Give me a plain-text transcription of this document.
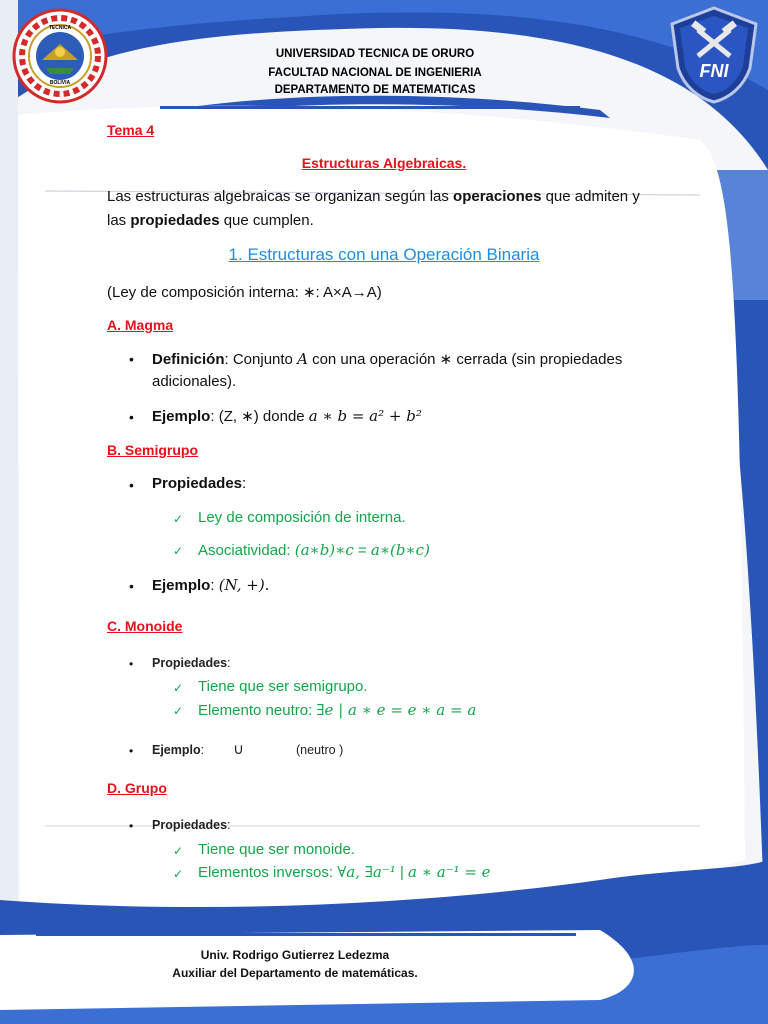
TECNICA
BOLIVIA
FNI
UNIVERSIDAD TECNICA DE ORURO
FACULTAD NACIONAL DE INGENIERIA
DEPARTAMENTO DE MATEMATICAS
Tema 4
Estructuras Algebraicas.
Las estructuras algebraicas se organizan según las operaciones que admiten y
las propiedades que cumplen.
1. Estructuras con una Operación Binaria
(Ley de composición interna: ∗: A×A→A)
A. Magma
• Definición: Conjunto A con una operación ∗ cerrada (sin propiedades
adicionales).
• Ejemplo: (Z, ∗) donde a ∗ b = a² + b²
B. Semigrupo
• Propiedades:
✓ Ley de composición de interna.
✓ Asociatividad: (a∗b)∗c = a∗(b∗c)
• Ejemplo: (N, +).
C. Monoide
• Propiedades:
✓ Tiene que ser semigrupo.
✓ Elemento neutro: ∃e | a ∗ e = e ∗ a = a
• Ejemplo: ∪	(neutro )
D. Grupo
• Propiedades:
✓ Tiene que ser monoide.
✓ Elementos inversos: ∀a, ∃a⁻¹ | a ∗ a⁻¹ = e
Univ. Rodrigo Gutierrez Ledezma
Auxiliar del Departamento de matemáticas.
